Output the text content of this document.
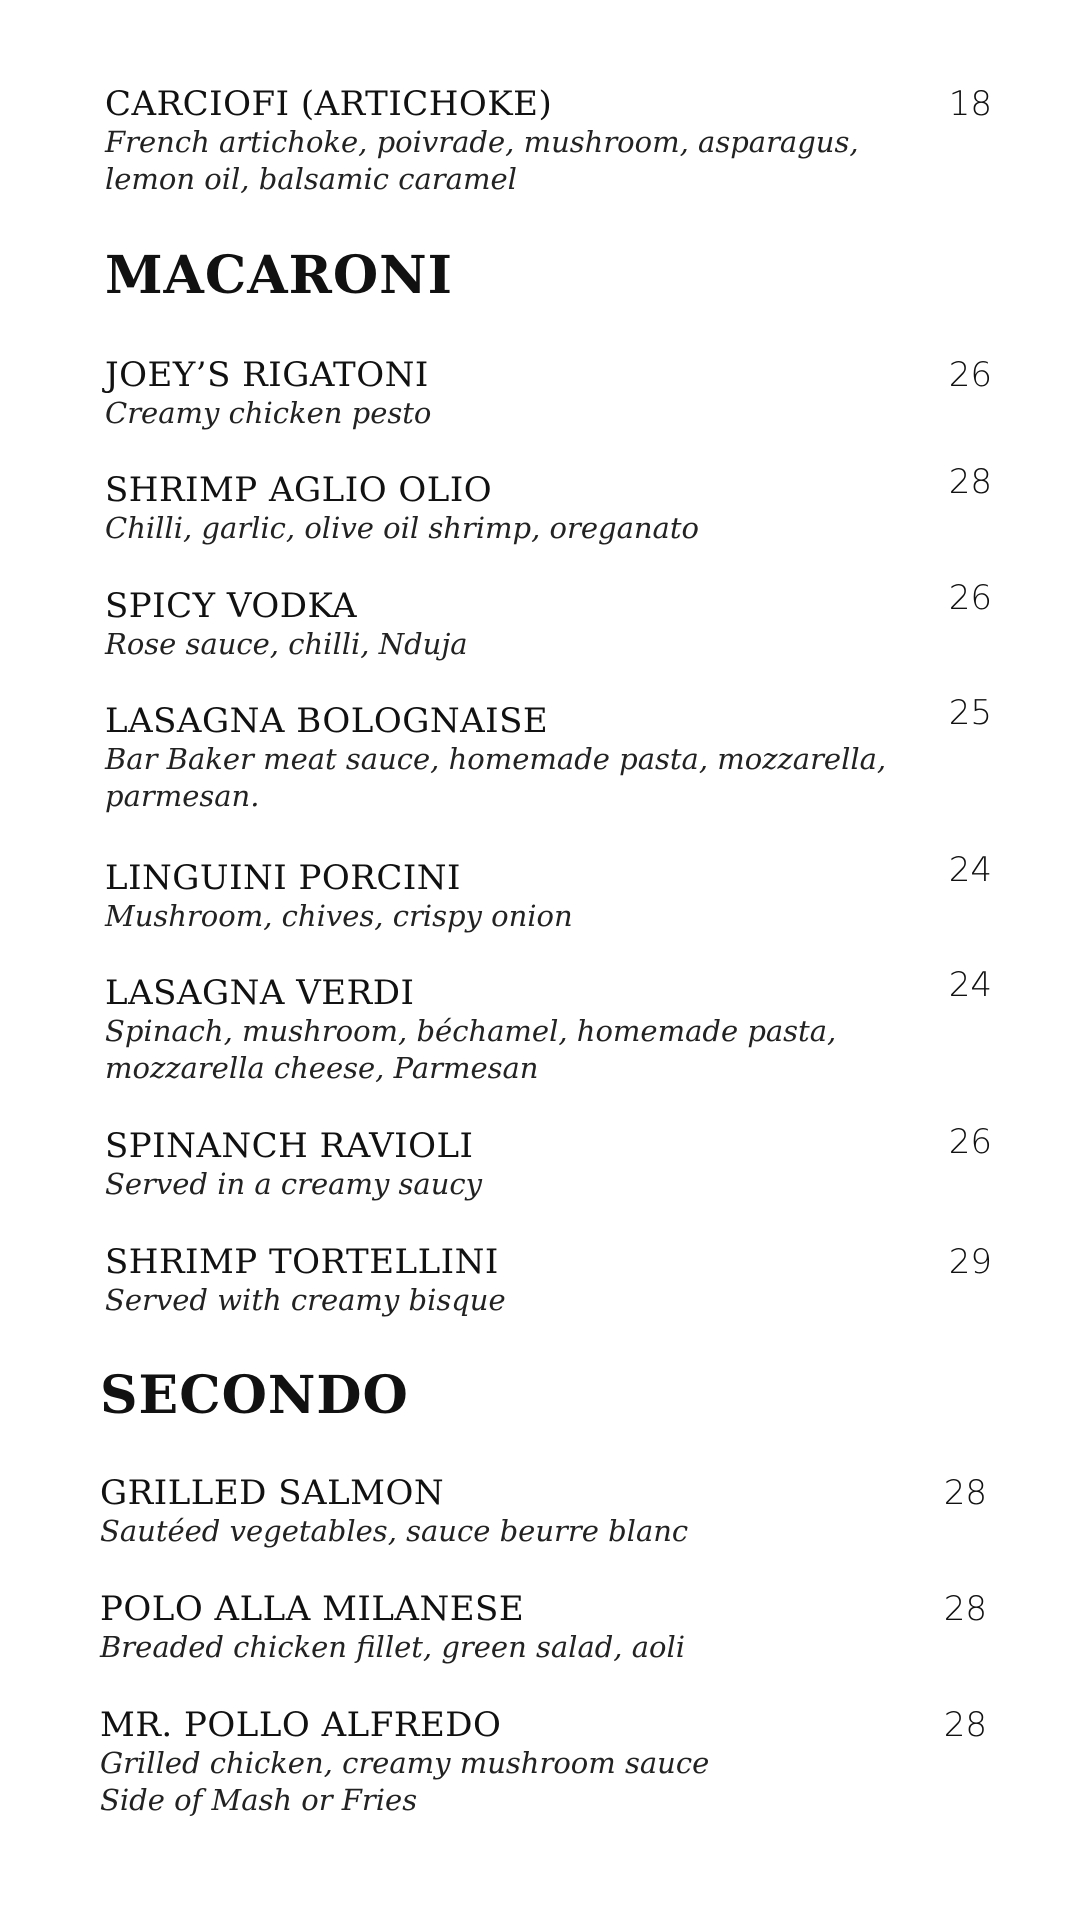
CARCIOFI (ARTICHOKE)	18
French artichoke, poivrade, mushroom, asparagus,
lemon oil, balsamic caramel
MACARONI
JOEY’S RIGATONI	26
Creamy chicken pesto
SHRIMP AGLIO OLIO	28
Chilli, garlic, olive oil shrimp, oreganato
SPICY VODKA	26
Rose sauce, chilli, Nduja
LASAGNA BOLOGNAISE	25
Bar Baker meat sauce, homemade pasta, mozzarella,
parmesan.
LINGUINI PORCINI	24
Mushroom, chives, crispy onion
LASAGNA VERDI	24
Spinach, mushroom, béchamel, homemade pasta,
mozzarella cheese, Parmesan
SPINANCH RAVIOLI	26
Served in a creamy saucy
SHRIMP TORTELLINI	29
Served with creamy bisque
SECONDO
GRILLED SALMON	28
Sautéed vegetables, sauce beurre blanc
POLO ALLA MILANESE	28
Breaded chicken fillet, green salad, aoli
MR. POLLO ALFREDO	28
Grilled chicken, creamy mushroom sauce
Side of Mash or Fries
